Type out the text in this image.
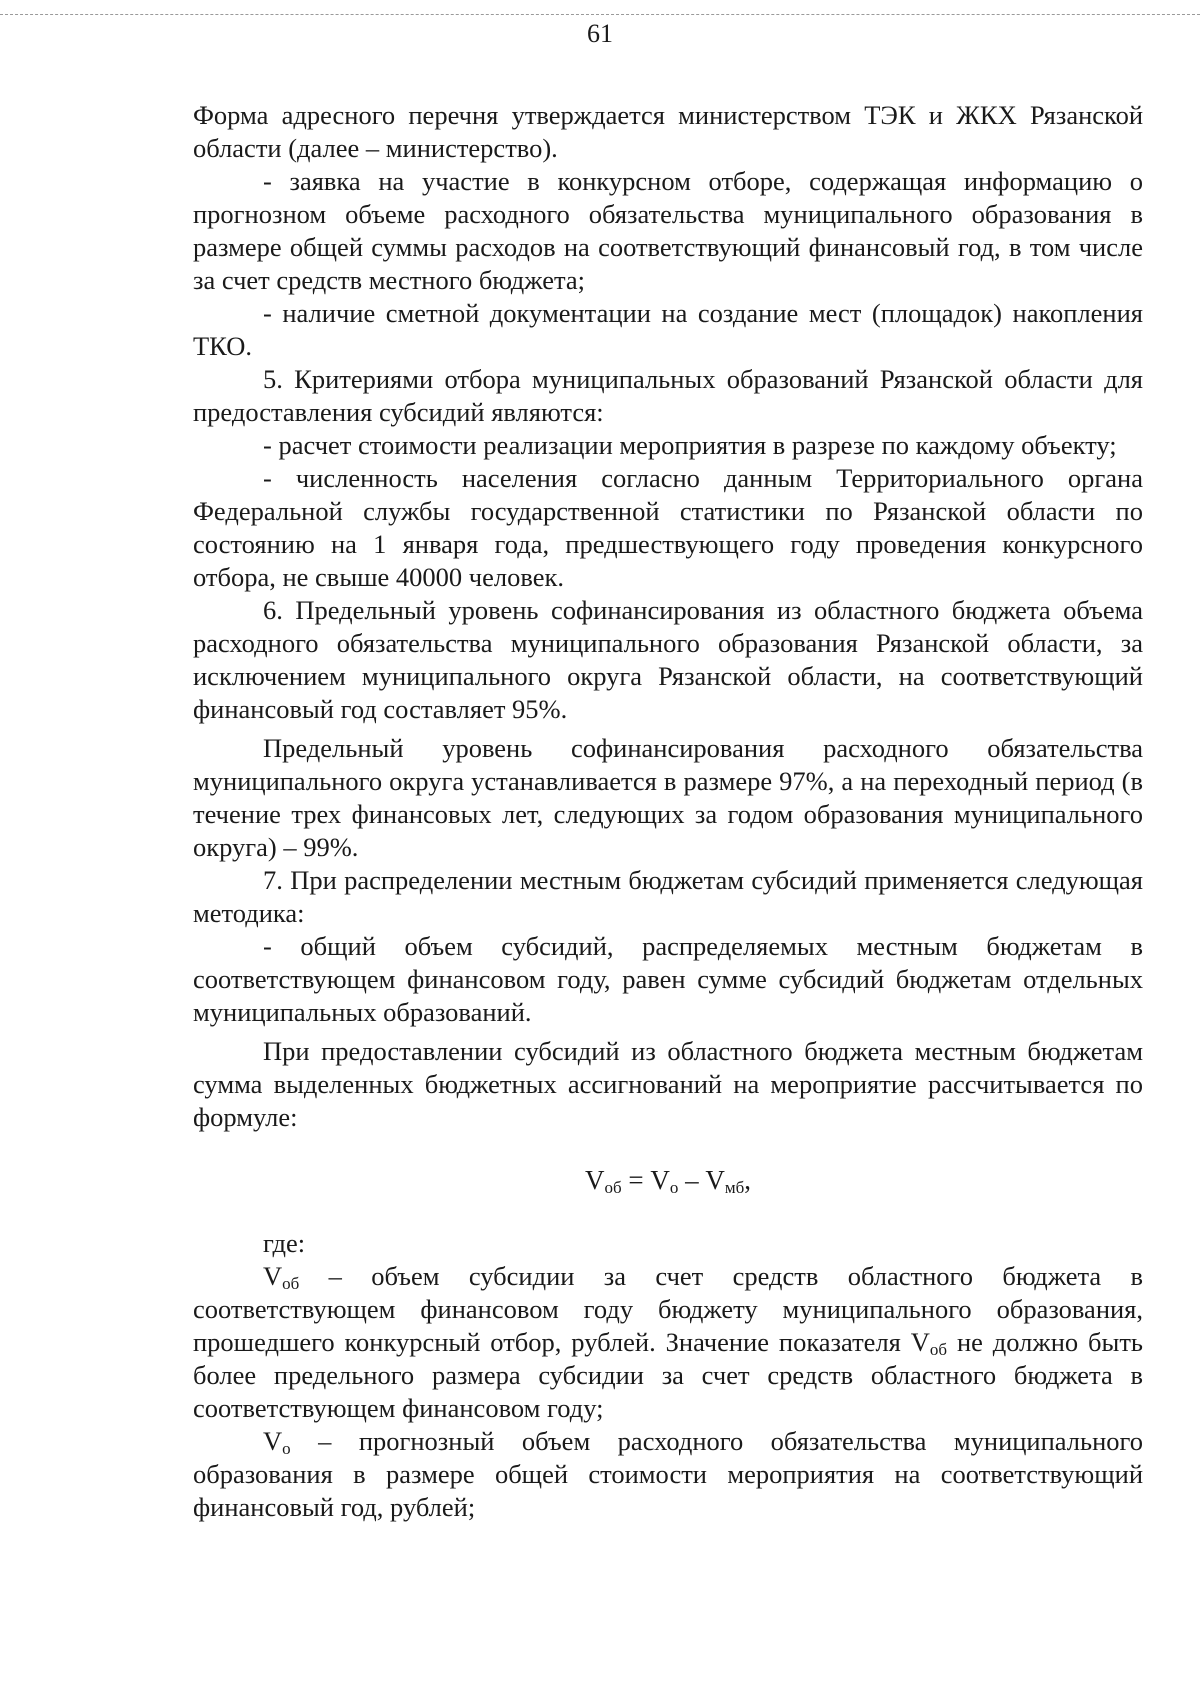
61

Форма адресного перечня утверждается министерством ТЭК и ЖКХ Рязанской области (далее – министерство).

- заявка на участие в конкурсном отборе, содержащая информацию о прогнозном объеме расходного обязательства муниципального образования в размере общей суммы расходов на соответствующий финансовый год, в том числе за счет средств местного бюджета;

- наличие сметной документации на создание мест (площадок) накопления ТКО.

5. Критериями отбора муниципальных образований Рязанской области для предоставления субсидий являются:

- расчет стоимости реализации мероприятия в разрезе по каждому объекту;

- численность населения согласно данным Территориального органа Федеральной службы государственной статистики по Рязанской области по состоянию на 1 января года, предшествующего году проведения конкурсного отбора, не свыше 40000 человек.

6. Предельный уровень софинансирования из областного бюджета объема расходного обязательства муниципального образования Рязанской области, за исключением муниципального округа Рязанской области, на соответствующий финансовый год составляет 95%.

Предельный уровень софинансирования расходного обязательства муниципального округа устанавливается в размере 97%, а на переходный период (в течение трех финансовых лет, следующих за годом образования муниципального округа) – 99%.

7. При распределении местным бюджетам субсидий применяется следующая методика:

- общий объем субсидий, распределяемых местным бюджетам в соответствующем финансовом году, равен сумме субсидий бюджетам отдельных муниципальных образований.

При предоставлении субсидий из областного бюджета местным бюджетам сумма выделенных бюджетных ассигнований на мероприятие рассчитывается по формуле:

$V_{об} = V_о - V_{мб}$,

где:

$V_{об}$ – объем субсидии за счет средств областного бюджета в соответствующем финансовом году бюджету муниципального образования, прошедшего конкурсный отбор, рублей. Значение показателя $V_{об}$ не должно быть более предельного размера субсидии за счет средств областного бюджета в соответствующем финансовом году;

$V_о$ – прогнозный объем расходного обязательства муниципального образования в размере общей стоимости мероприятия на соответствующий финансовый год, рублей;
